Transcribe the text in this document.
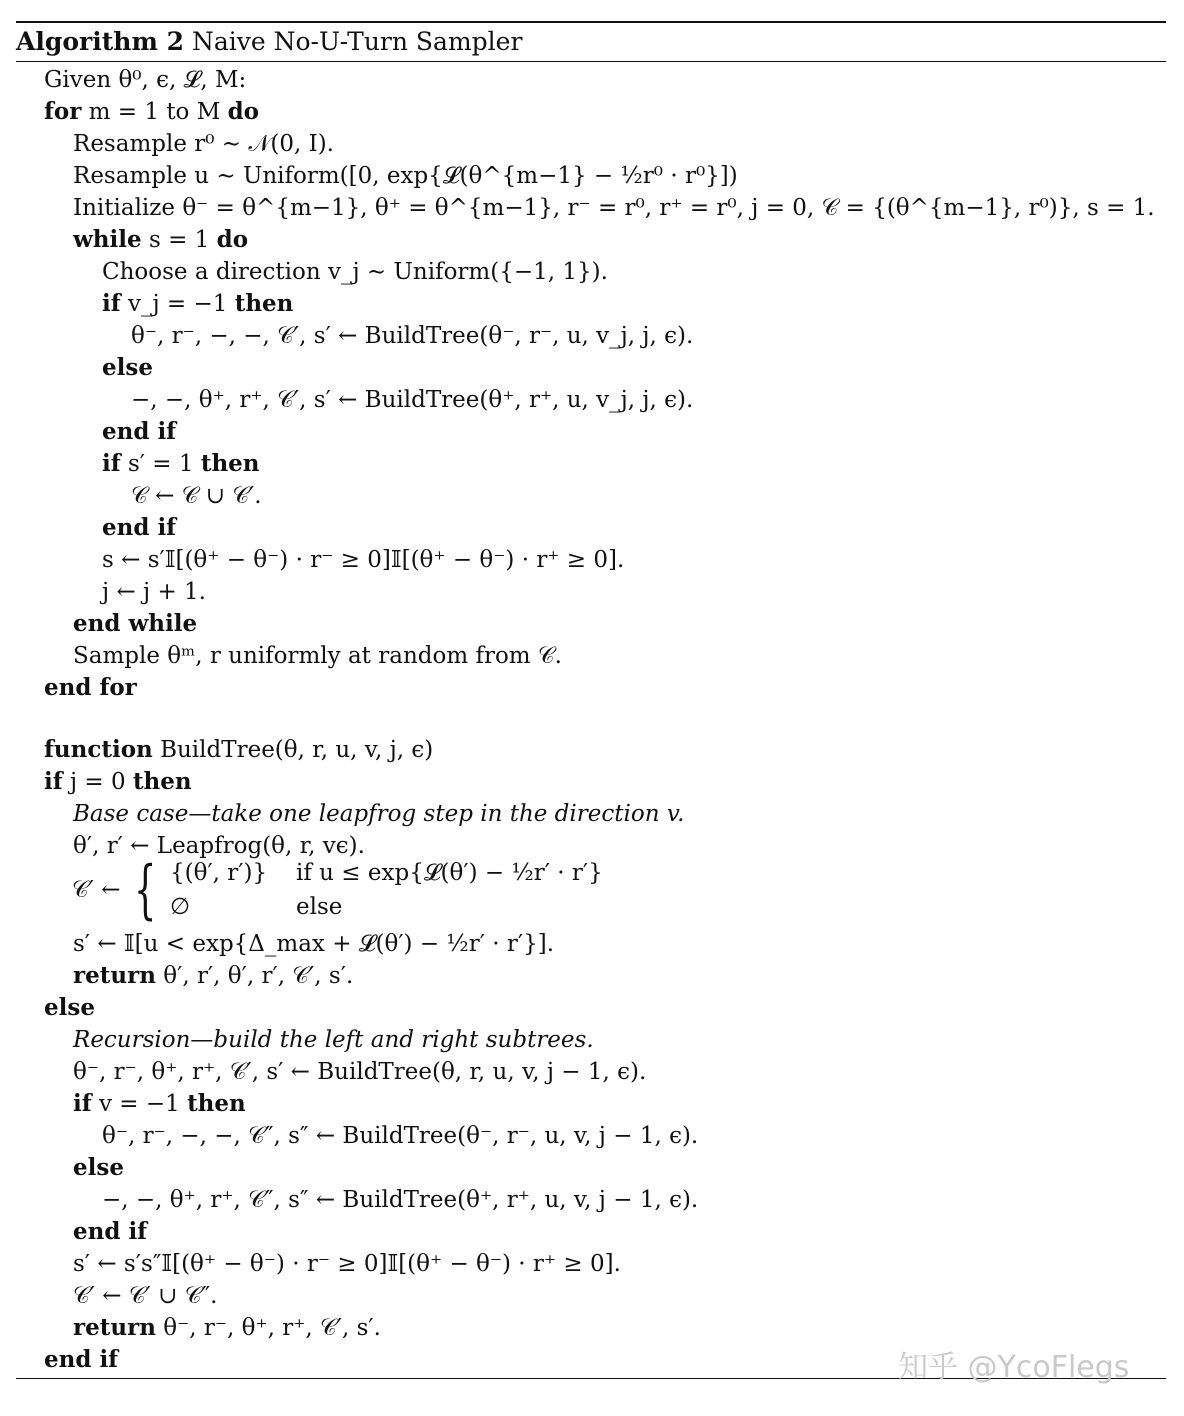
Algorithm 2 Naive No-U-Turn Sampler
Given θ⁰, ϵ, 𝓛, M:
for m = 1 to M do
Resample r⁰ ∼ 𝒩(0, I).
Resample u ∼ Uniform([0, exp{𝓛(θ^{m−1} − ½r⁰ · r⁰}])
Initialize θ⁻ = θ^{m−1}, θ⁺ = θ^{m−1}, r⁻ = r⁰, r⁺ = r⁰, j = 0, 𝒞 = {(θ^{m−1}, r⁰)}, s = 1.
while s = 1 do
Choose a direction v_j ∼ Uniform({−1, 1}).
if v_j = −1 then
θ⁻, r⁻, −, −, 𝒞′, s′ ← BuildTree(θ⁻, r⁻, u, v_j, j, ϵ).
else
−, −, θ⁺, r⁺, 𝒞′, s′ ← BuildTree(θ⁺, r⁺, u, v_j, j, ϵ).
end if
if s′ = 1 then
𝒞 ← 𝒞 ∪ 𝒞′.
end if
s ← s′𝕀[(θ⁺ − θ⁻) · r⁻ ≥ 0]𝕀[(θ⁺ − θ⁻) · r⁺ ≥ 0].
j ← j + 1.
end while
Sample θᵐ, r uniformly at random from 𝒞.
end for
function BuildTree(θ, r, u, v, j, ϵ)
if j = 0 then
Base case—take one leapfrog step in the direction v.
θ′, r′ ← Leapfrog(θ, r, vϵ).
s′ ← 𝕀[u < exp{Δ_max + 𝓛(θ′) − ½r′ · r′}].
return θ′, r′, θ′, r′, 𝒞′, s′.
else
Recursion—build the left and right subtrees.
θ⁻, r⁻, θ⁺, r⁺, 𝒞′, s′ ← BuildTree(θ, r, u, v, j − 1, ϵ).
if v = −1 then
θ⁻, r⁻, −, −, 𝒞″, s″ ← BuildTree(θ⁻, r⁻, u, v, j − 1, ϵ).
else
−, −, θ⁺, r⁺, 𝒞″, s″ ← BuildTree(θ⁺, r⁺, u, v, j − 1, ϵ).
end if
s′ ← s′s″𝕀[(θ⁺ − θ⁻) · r⁻ ≥ 0]𝕀[(θ⁺ − θ⁻) · r⁺ ≥ 0].
𝒞′ ← 𝒞′ ∪ 𝒞″.
return θ⁻, r⁻, θ⁺, r⁺, 𝒞′, s′.
end if
𝒞′ ← { {(θ′, r′)} if u ≤ exp{𝓛(θ′) − ½r′ · r′}
∅	else
知乎 @YcoFlegs
